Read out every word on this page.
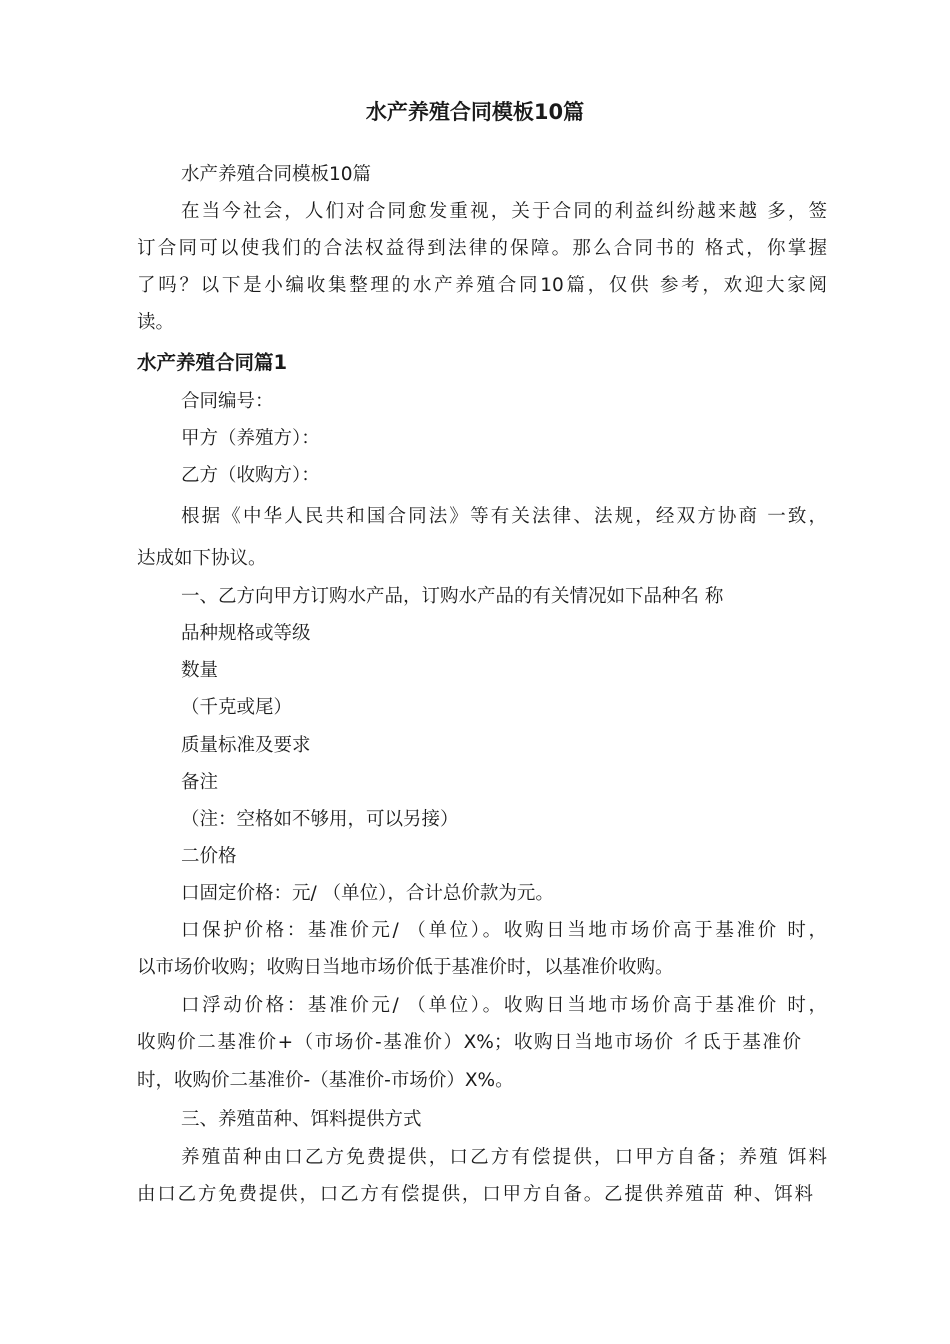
水产养殖合同模板10篇
水产养殖合同模板10篇
在当今社会，人们对合同愈发重视，关于合同的利益纠纷越来越 多，签
订合同可以使我们的合法权益得到法律的保障。那么合同书的 格式，你掌握
了吗？以下是小编收集整理的水产养殖合同10篇，仅供 参考，欢迎大家阅
读。
水产养殖合同篇1
合同编号：
甲方（养殖方）：
乙方（收购方）：
根据《中华人民共和国合同法》等有关法律、法规，经双方协商 一致，
达成如下协议。
一、乙方向甲方订购水产品，订购水产品的有关情况如下品种名 称
品种规格或等级
数量
（千克或尾）
质量标准及要求
备注
（注：空格如不够用，可以另接）
二价格
口固定价格：元/ （单位），合计总价款为元。
口保护价格：基准价元/ （单位）。收购日当地市场价高于基准价 时，
以市场价收购；收购日当地市场价低于基准价时，以基准价收购。
口浮动价格：基准价元/ （单位）。收购日当地市场价高于基准价 时，
收购价二基准价+（市场价-基准价）X%；收购日当地市场价 彳氐于基准价
时，收购价二基准价-（基准价-市场价）X%。
三、养殖苗种、饵料提供方式
养殖苗种由口乙方免费提供，口乙方有偿提供，口甲方自备；养殖 饵料
由口乙方免费提供，口乙方有偿提供，口甲方自备。乙提供养殖苗 种、饵料
